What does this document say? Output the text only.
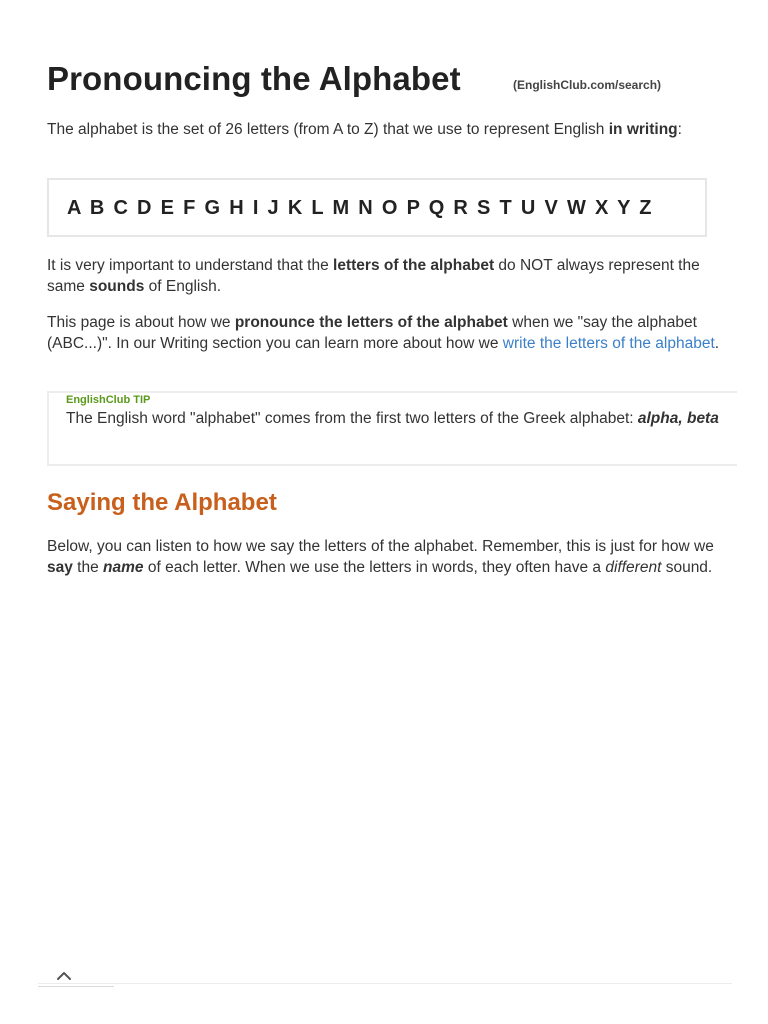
Pronouncing the Alphabet	(EnglishClub.com/search)

The alphabet is the set of 26 letters (from A to Z) that we use to represent English in writing:

A B C D E F G H I J K L M N O P Q R S T U V W X Y Z

It is very important to understand that the letters of the alphabet do NOT always represent the same sounds of English.

This page is about how we pronounce the letters of the alphabet when we "say the alphabet (ABC...)". In our Writing section you can learn more about how we write the letters of the alphabet.

EnglishClub TIP
The English word "alphabet" comes from the first two letters of the Greek alphabet: alpha, beta
Saying the Alphabet

Below, you can listen to how we say the letters of the alphabet. Remember, this is just for how we say the name of each letter. When we use the letters in words, they often have a different sound.
